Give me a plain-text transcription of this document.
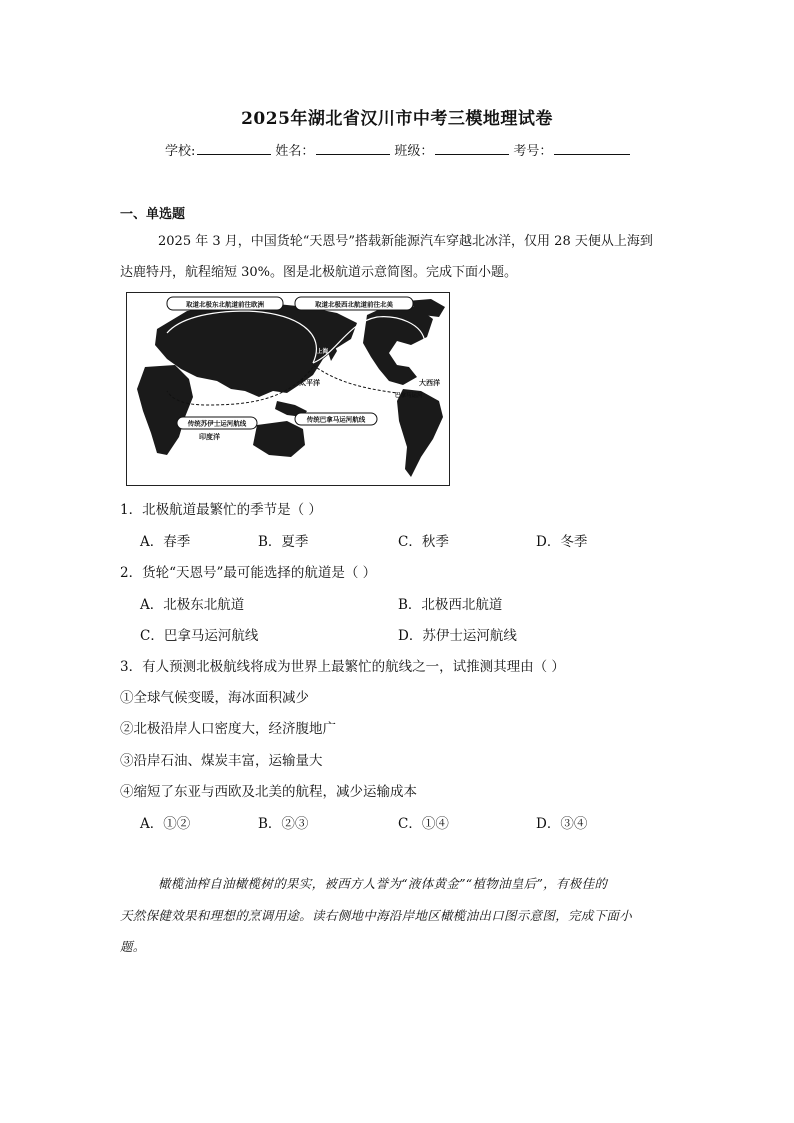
2025年湖北省汉川市中考三模地理试卷
学校:	姓名：	班级：	考号：
一、单选题
2025 年 3 月，中国货轮“天恩号”搭载新能源汽车穿越北冰洋，仅用 28 天便从上海到
达鹿特丹，航程缩短 30%。图是北极航道示意简图。完成下面小题。
取道北极东北航道前往欧洲	取道北极西北航道前往北美
上海
太平洋	大西洋
巴拿马运河
传统苏伊士运河航线	传统巴拿马运河航线
印度洋
1．北极航道最繁忙的季节是（ ）
A．春季	B．夏季	C．秋季	D．冬季
2．货轮“天恩号”最可能选择的航道是（ ）
A．北极东北航道	B．北极西北航道
C．巴拿马运河航线	D．苏伊士运河航线
3．有人预测北极航线将成为世界上最繁忙的航线之一，试推测其理由（ ）
①全球气候变暖，海冰面积减少
②北极沿岸人口密度大，经济腹地广
③沿岸石油、煤炭丰富，运输量大
④缩短了东亚与西欧及北美的航程，减少运输成本
A．①②	B．②③	C．①④	D．③④
橄榄油榨自油橄榄树的果实，被西方人誉为“液体黄金”“植物油皇后”，有极佳的
天然保健效果和理想的烹调用途。读右侧地中海沿岸地区橄榄油出口图示意图，完成下面小
题。
